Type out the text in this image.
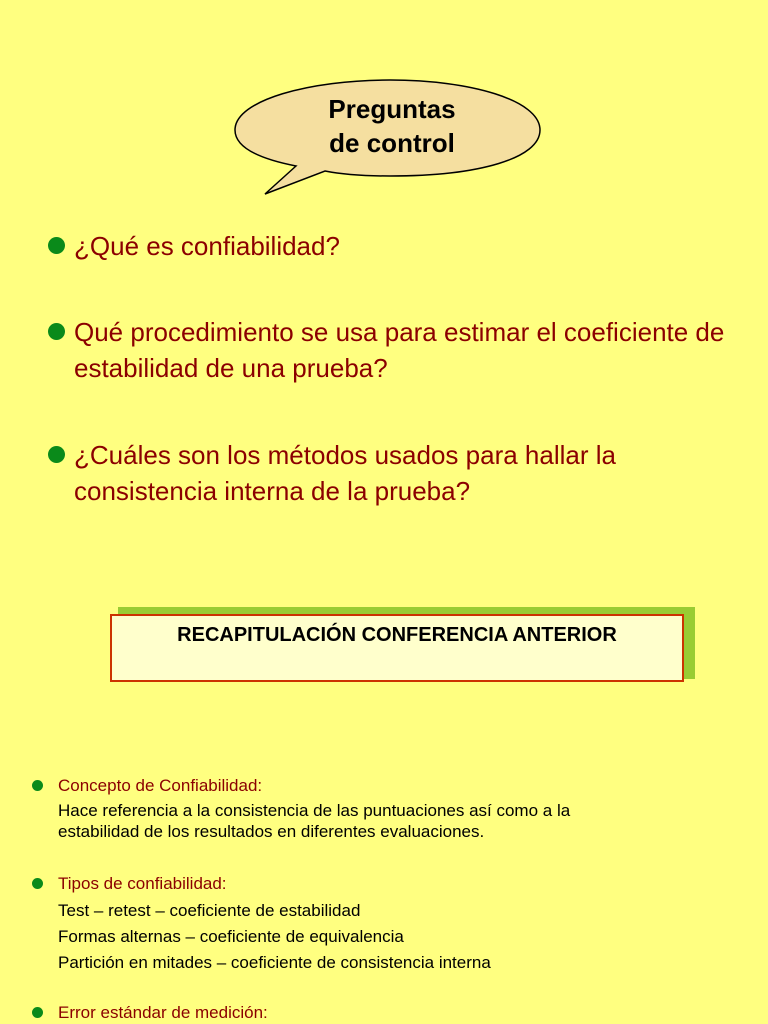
Preguntas de control
¿Qué es confiabilidad?
Qué procedimiento se usa para estimar el coeficiente de estabilidad de una prueba?
¿Cuáles son los métodos usados para hallar la consistencia interna de la prueba?
RECAPITULACIÓN CONFERENCIA ANTERIOR
Concepto de Confiabilidad:
Hace referencia a la consistencia de las puntuaciones así como a la
estabilidad de los resultados en diferentes evaluaciones.
Tipos de confiabilidad:
Test – retest – coeficiente de estabilidad
Formas alternas – coeficiente de equivalencia
Partición en mitades – coeficiente de consistencia interna
Error estándar de medición:
